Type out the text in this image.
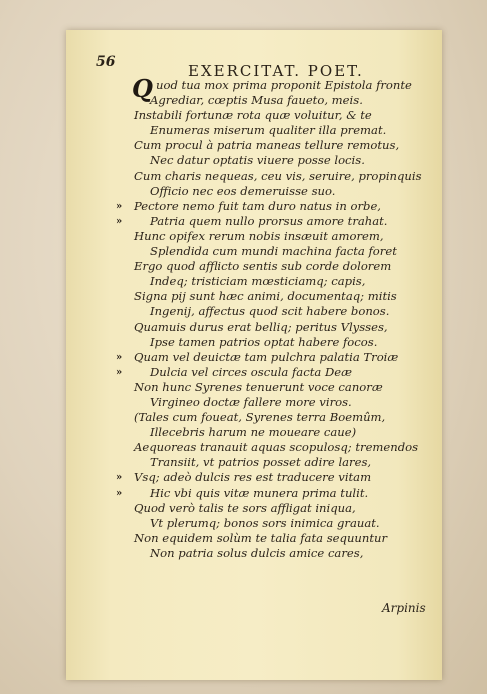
56	EXERCITAT. POET.
Q uod tua mox prima proponit Epistola fronte
Agrediar, cœptis Musa faueto, meis.
Instabili fortunæ rota quæ voluitur, & te
Enumeras miserum qualiter illa premat.
Cum procul à patria maneas tellure remotus,
Nec datur optatis viuere posse locis.
Cum charis nequeas, ceu vis, seruire, propinquis
Officio nec eos demeruisse suo.
»	Pectore nemo fuit tam duro natus in orbe,
»	Patria quem nullo prorsus amore trahat.
Hunc opifex rerum nobis insæuit amorem,
Splendida cum mundi machina facta foret
Ergo quod afflicto sentis sub corde dolorem
Indeq; tristiciam mœsticiamq; capis,
Signa pij sunt hæc animi, documentaq; mitis
Ingenij, affectus quod scit habere bonos.
Quamuis durus erat belliq; peritus Vlysses,
Ipse tamen patrios optat habere focos.
»	Quam vel deuictæ tam pulchra palatia Troiæ
»	Dulcia vel circes oscula facta Deæ
Non hunc Syrenes tenuerunt voce canoræ
Virgineo doctæ fallere more viros.
(Tales cum foueat, Syrenes terra Boemûm,
Illecebris harum ne moueare caue)
Aequoreas tranauit aquas scopulosq; tremendos
Transiit, vt patrios posset adire lares,
»	Vsq; adeò dulcis res est traducere vitam
»	Hic vbi quis vitæ munera prima tulit.
Quod verò talis te sors affligat iniqua,
Vt plerumq; bonos sors inimica grauat.
Non equidem solùm te talia fata sequuntur
Non patria solus dulcis amice cares,
Arpinis
